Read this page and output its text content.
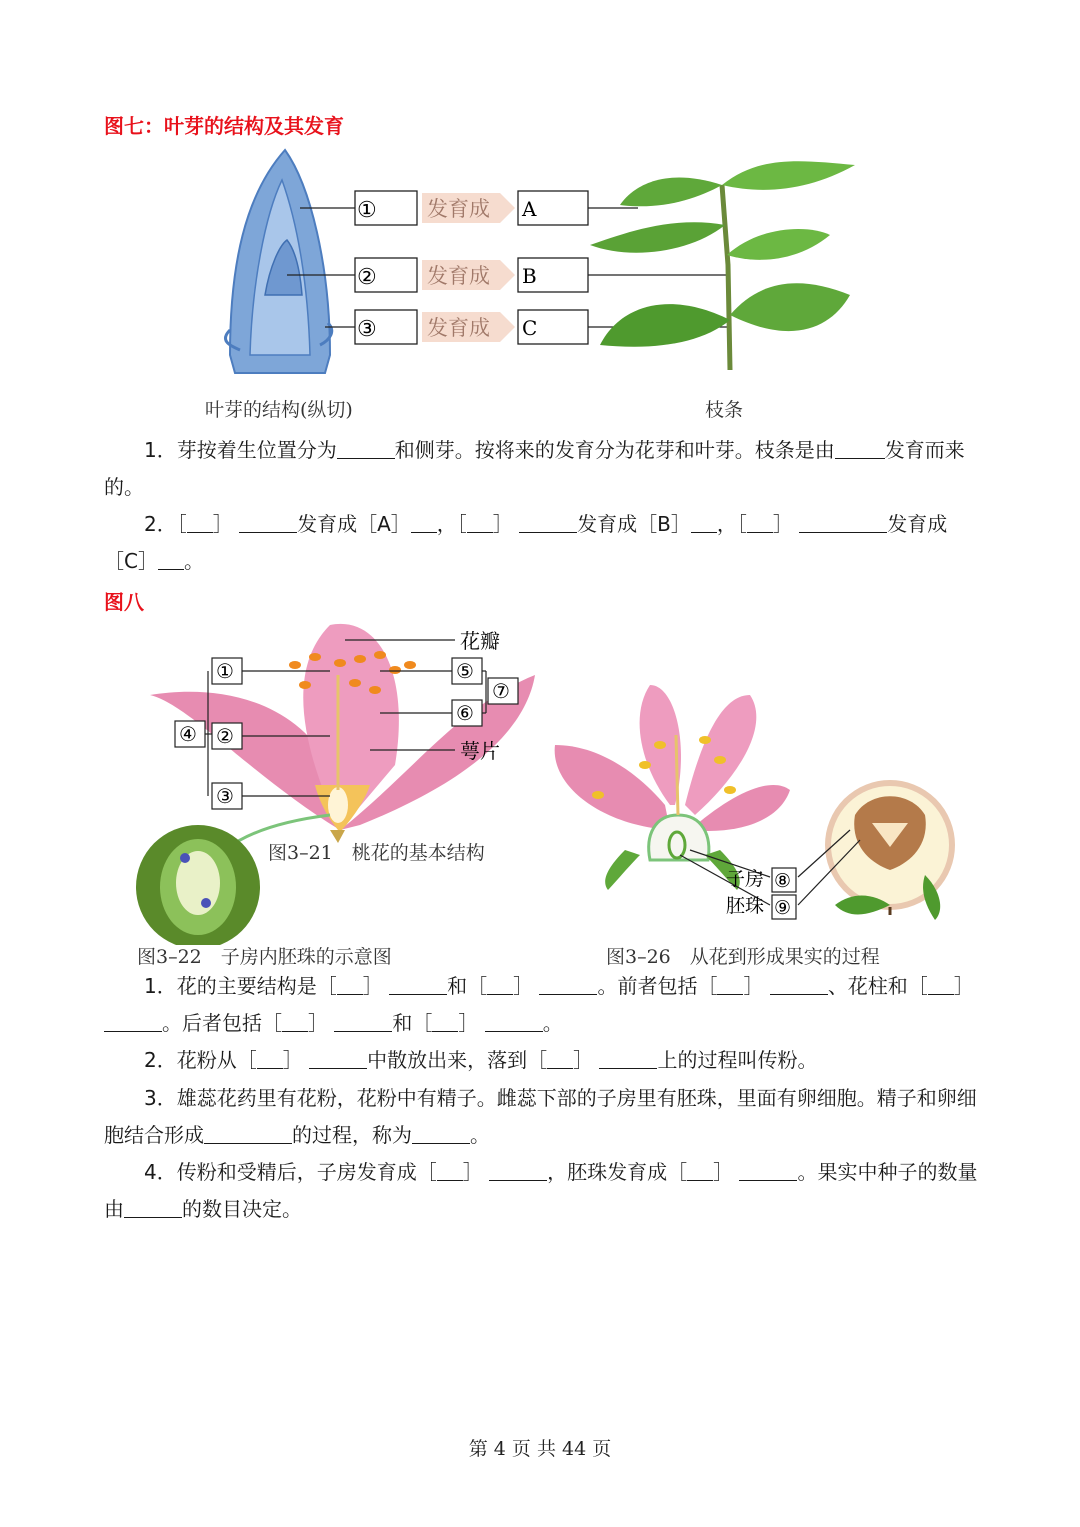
图七：叶芽的结构及其发育
①
②
③
发育成
发育成
发育成
A
B
C

叶芽的结构(纵切)	枝条

1．芽按着生位置分为	和侧芽。按将来的发育分为花芽和叶芽。枝条是由	发育而来的。

2．［ ］	发育成［A］ ，［ ］	发育成［B］ ，［ ］	发育成［C］ 。

图八
花瓣
萼片
①
②
③
④
⑤
⑥
⑦
子房
胚珠
⑧
⑨

图3–21　桃花的基本结构

图3–22　子房内胚珠的示意图	图3–26　从花到形成果实的过程

1．花的主要结构是［ ］	和［ ］	。前者包括［ ］	、花柱和［ ］ 。后者包括［ ］	和［ ］	。

2．花粉从［ ］	中散放出来，落到［ ］	上的过程叫传粉。

3．雄蕊花药里有花粉，花粉中有精子。雌蕊下部的子房里有胚珠，里面有卵细胞。精子和卵细胞结合形成	的过程，称为	。

4．传粉和受精后，子房发育成［ ］	，胚珠发育成［ ］	。果实中种子的数量由	的数目决定。

第 4 页 共 44 页
